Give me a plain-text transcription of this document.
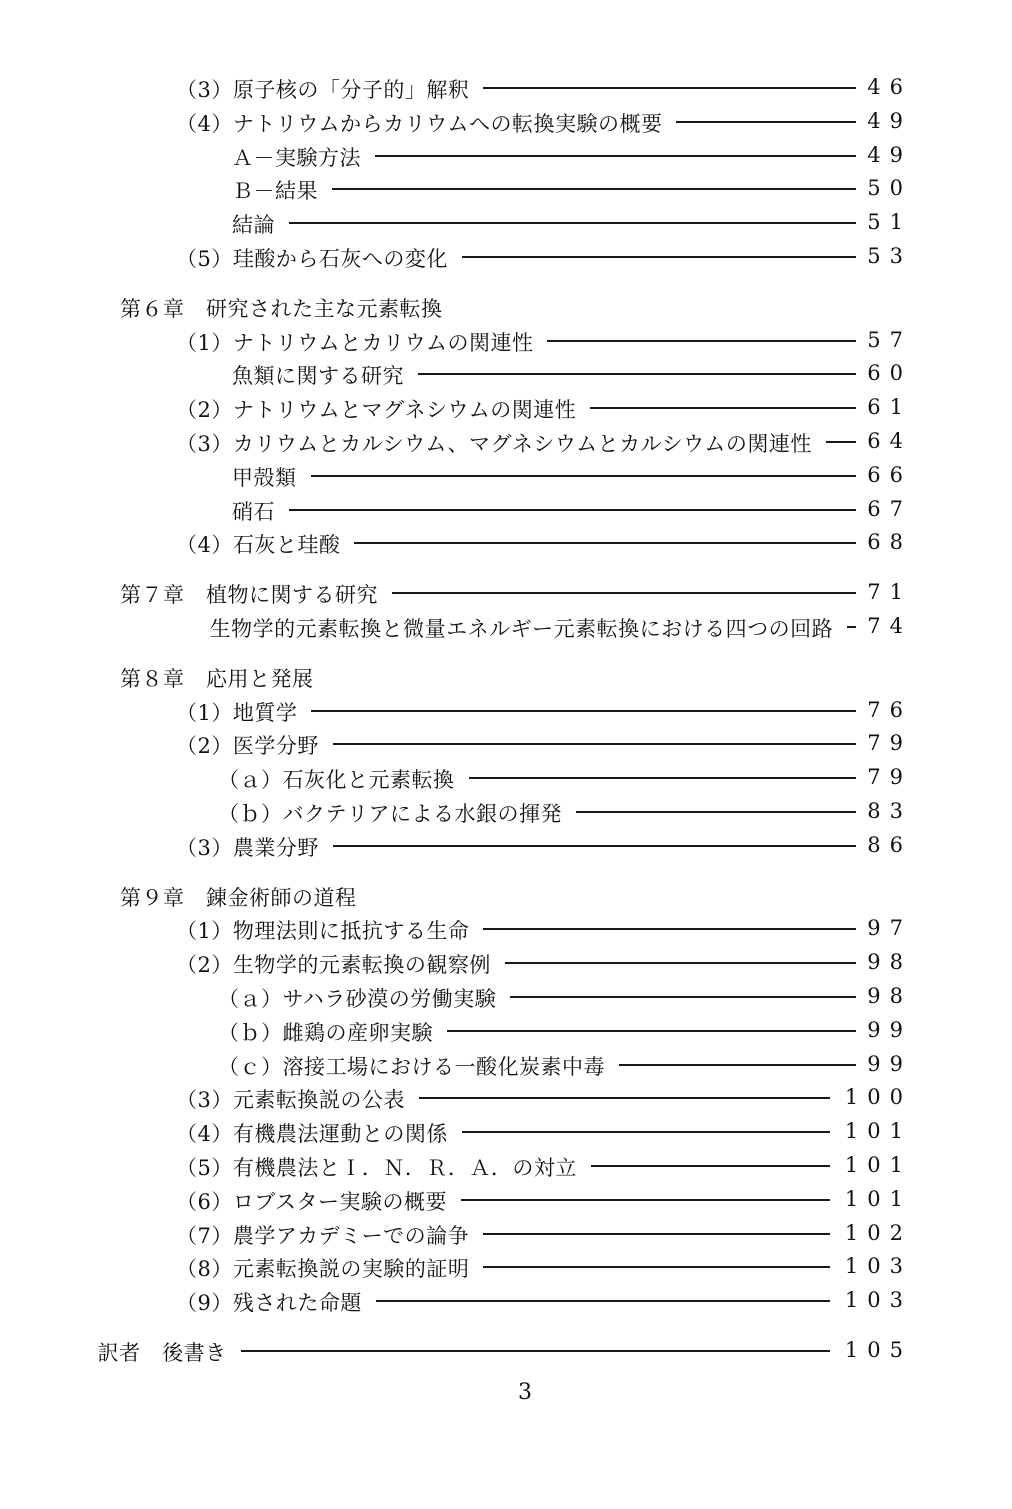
（3）原子核の「分子的」解釈	46
（4）ナトリウムからカリウムへの転換実験の概要	49
Ａ－実験方法	49
Ｂ－結果	50
結論	51
（5）珪酸から石灰への変化	53
第６章　研究された主な元素転換
（1）ナトリウムとカリウムの関連性	57
魚類に関する研究	60
（2）ナトリウムとマグネシウムの関連性	61
（3）カリウムとカルシウム、マグネシウムとカルシウムの関連性	64
甲殻類	66
硝石	67
（4）石灰と珪酸	68
第７章　植物に関する研究	71
生物学的元素転換と微量エネルギー元素転換における四つの回路 74
第８章　応用と発展
（1）地質学	76
（2）医学分野	79
（ａ）石灰化と元素転換	79
（ｂ）バクテリアによる水銀の揮発	83
（3）農業分野	86
第９章　錬金術師の道程
（1）物理法則に抵抗する生命	97
（2）生物学的元素転換の観察例	98
（ａ）サハラ砂漠の労働実験	98
（ｂ）雌鶏の産卵実験	99
（ｃ）溶接工場における一酸化炭素中毒	99
（3）元素転換説の公表	100
（4）有機農法運動との関係	101
（5）有機農法とＩ．Ｎ．Ｒ．Ａ．の対立	101
（6）ロブスター実験の概要	101
（7）農学アカデミーでの論争	102
（8）元素転換説の実験的証明	103
（9）残された命題	103
訳者　後書き	105
3
